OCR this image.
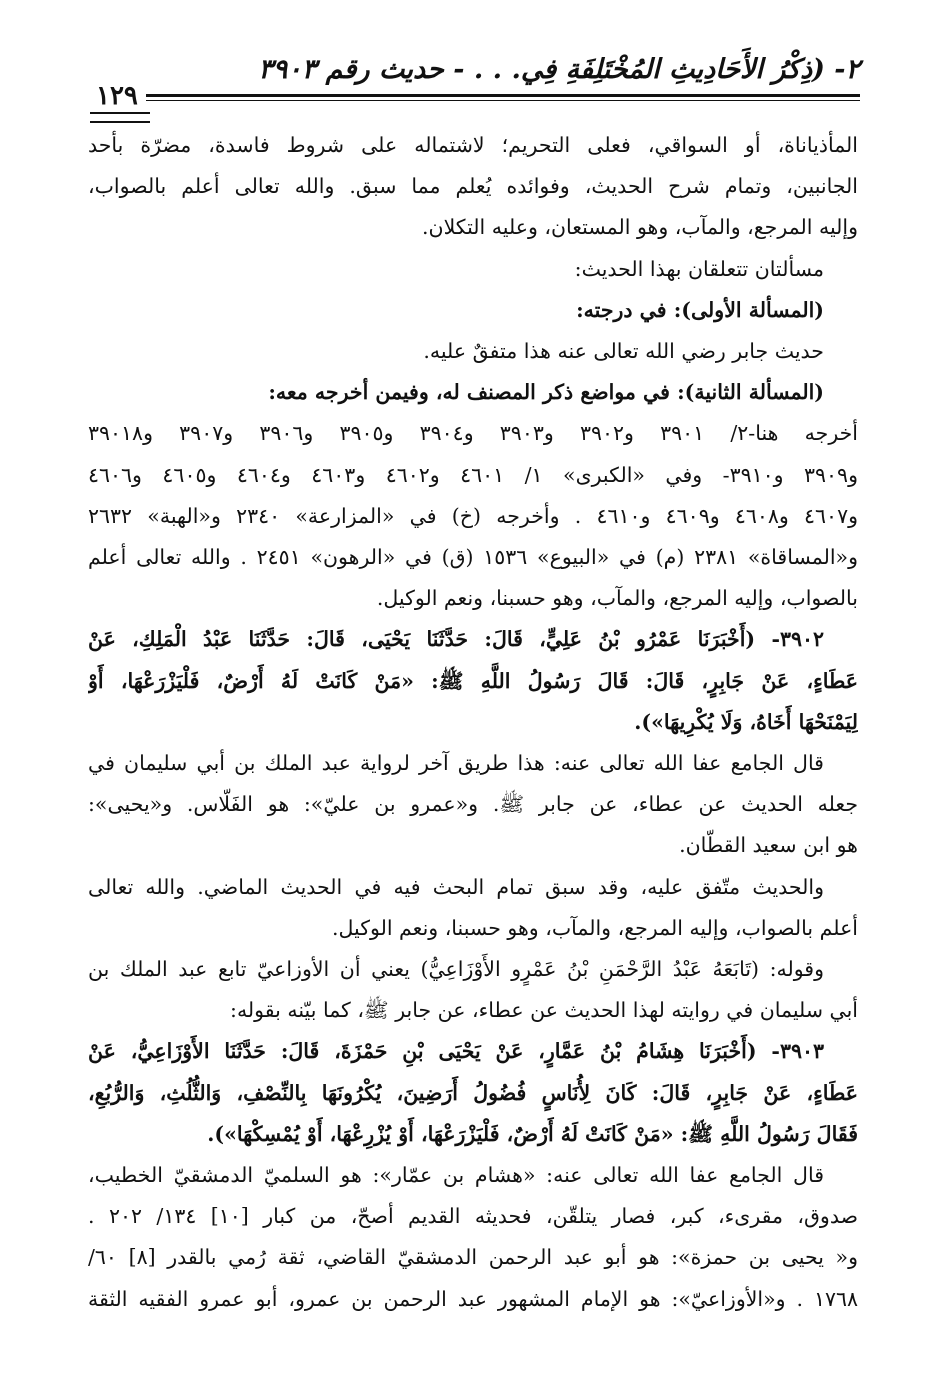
٢- (ذِكْرُ الأَحَادِيثِ المُخْتَلِفَةِ فِي. . . - حديث رقم ٣٩٠٣
١٢٩
المأذياناة، أو السواقي، فعلى التحريم؛ لاشتماله على شروط فاسدة، مضرّة بأحد
الجانبين، وتمام شرح الحديث، وفوائده يُعلم مما سبق. والله تعالى أعلم بالصواب،
وإليه المرجع، والمآب، وهو المستعان، وعليه التكلان.
مسألتان تتعلقان بهذا الحديث:
(المسألة الأولى): في درجته:
حديث جابر رضي الله تعالى عنه هذا متفقٌ عليه.
(المسألة الثانية): في مواضع ذكر المصنف له، وفيمن أخرجه معه:
أخرجه هنا-٢/ ٣٩٠١ و٣٩٠٢ و٣٩٠٣ و٣٩٠٤ و٣٩٠٥ و٣٩٠٦ و٣٩٠٧ و٣٩٠١٨
و٣٩٠٩ و٣٩١٠- وفي «الكبرى» ١/ ٤٦٠١ و٤٦٠٢ و٤٦٠٣ و٤٦٠٤ و٤٦٠٥ و٤٦٠٦
و٤٦٠٧ و٤٦٠٨ و٤٦٠٩ و٤٦١٠ . وأخرجه (خ) في «المزارعة» ٢٣٤٠ و«الهبة» ٢٦٣٢
و«المساقاة» ٢٣٨١ (م) في «البيوع» ١٥٣٦ (ق) في «الرهون» ٢٤٥١ . والله تعالى أعلم
بالصواب، وإليه المرجع، والمآب، وهو حسبنا، ونعم الوكيل.
٣٩٠٢- (أَخْبَرَنَا عَمْرُو بْنُ عَلِيٍّ، قَالَ: حَدَّثَنَا يَحْيَى، قَالَ: حَدَّثَنَا عَبْدُ الْمَلِكِ، عَنْ
عَطَاءٍ، عَنْ جَابِرٍ، قَالَ: قَالَ رَسُولُ اللَّهِ ﷺ: «مَنْ كَانَتْ لَهُ أَرْضٌ، فَلْيَزْرَعْهَا، أَوْ
لِيَمْنَحْهَا أَخَاهُ، وَلَا يُكْرِيهَا»).
قال الجامع عفا الله تعالى عنه: هذا طريق آخر لرواية عبد الملك بن أبي سليمان في
جعله الحديث عن عطاء، عن جابر ﷺ. و«عمرو بن عليّ»: هو الفَلّاس. و«يحيى»:
هو ابن سعيد القطّان.
والحديث متّفق عليه، وقد سبق تمام البحث فيه في الحديث الماضي. والله تعالى
أعلم بالصواب، وإليه المرجع، والمآب، وهو حسبنا، ونعم الوكيل.
وقوله: (تَابَعَهُ عَبْدُ الرَّحْمَنِ بْنُ عَمْرٍو الأَوْزَاعِيُّ) يعني أن الأوزاعيّ تابع عبد الملك بن
أبي سليمان في روايته لهذا الحديث عن عطاء، عن جابر ﷺ، كما بيّنه بقوله:
٣٩٠٣- (أَخْبَرَنَا هِشَامُ بْنُ عَمَّارٍ، عَنْ يَحْيَى بْنِ حَمْزَةَ، قَالَ: حَدَّثَنَا الأَوْزَاعِيُّ، عَنْ
عَطَاءٍ، عَنْ جَابِرٍ، قَالَ: كَانَ لِأُنَاسٍ فُضُولُ أَرَضِينَ، يُكْرُونَهَا بِالنِّصْفِ، وَالثُّلُثِ، وَالرُّبُعِ،
فَقَالَ رَسُولُ اللَّهِ ﷺ: «مَنْ كَانَتْ لَهُ أَرْضٌ، فَلْيَزْرَعْهَا، أَوْ يُزْرِعْهَا، أَوْ يُمْسِكْهَا»).
قال الجامع عفا الله تعالى عنه: «هشام بن عمّار»: هو السلميّ الدمشقيّ الخطيب،
صدوق، مقرىء، كبر، فصار يتلقّن، فحديثه القديم أصحّ، من كبار [١٠] ١٣٤/ ٢٠٢ .
و« يحيى بن حمزة»: هو أبو عبد الرحمن الدمشقيّ القاضي، ثقة رُمي بالقدر [٨] ٦٠/
١٧٦٨ . و«الأوزاعيّ»: هو الإمام المشهور عبد الرحمن بن عمرو، أبو عمرو الفقيه الثقة
